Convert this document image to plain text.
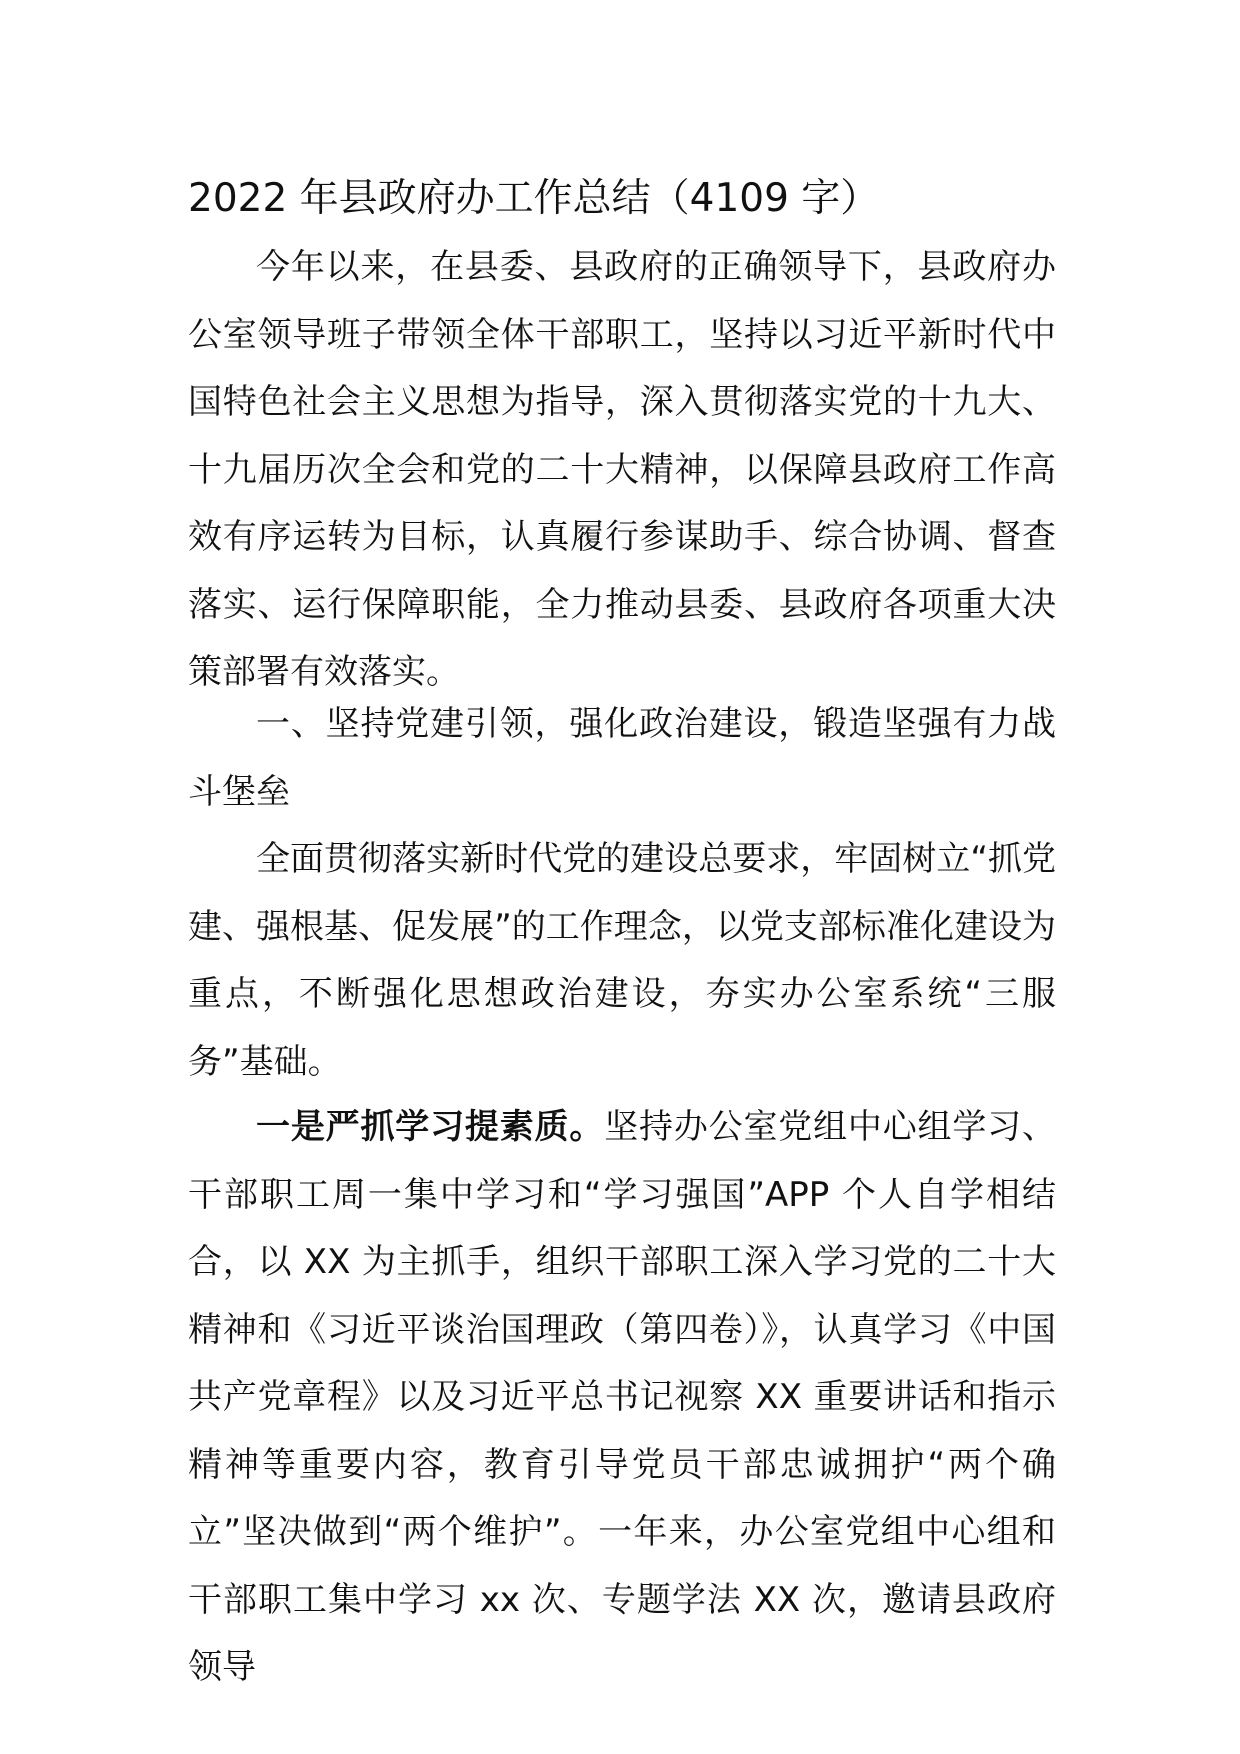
2022 年县政府办工作总结（4109 字）

今年以来，在县委、县政府的正确领导下，县政府办公室领导班子带领全体干部职工，坚持以习近平新时代中国特色社会主义思想为指导，深入贯彻落实党的十九大、十九届历次全会和党的二十大精神，以保障县政府工作高效有序运转为目标，认真履行参谋助手、综合协调、督查落实、运行保障职能，全力推动县委、县政府各项重大决策部署有效落实。

一、坚持党建引领，强化政治建设，锻造坚强有力战斗堡垒

全面贯彻落实新时代党的建设总要求，牢固树立“抓党建、强根基、促发展”的工作理念，以党支部标准化建设为重点，不断强化思想政治建设，夯实办公室系统“三服务”基础。

一是严抓学习提素质。坚持办公室党组中心组学习、干部职工周一集中学习和“学习强国”APP 个人自学相结合，以 XX 为主抓手，组织干部职工深入学习党的二十大精神和《习近平谈治国理政（第四卷）》，认真学习《中国共产党章程》以及习近平总书记视察 XX 重要讲话和指示精神等重要内容，教育引导党员干部忠诚拥护“两个确立”坚决做到“两个维护”。一年来，办公室党组中心组和干部职工集中学习 xx 次、专题学法 XX 次，邀请县政府领导
